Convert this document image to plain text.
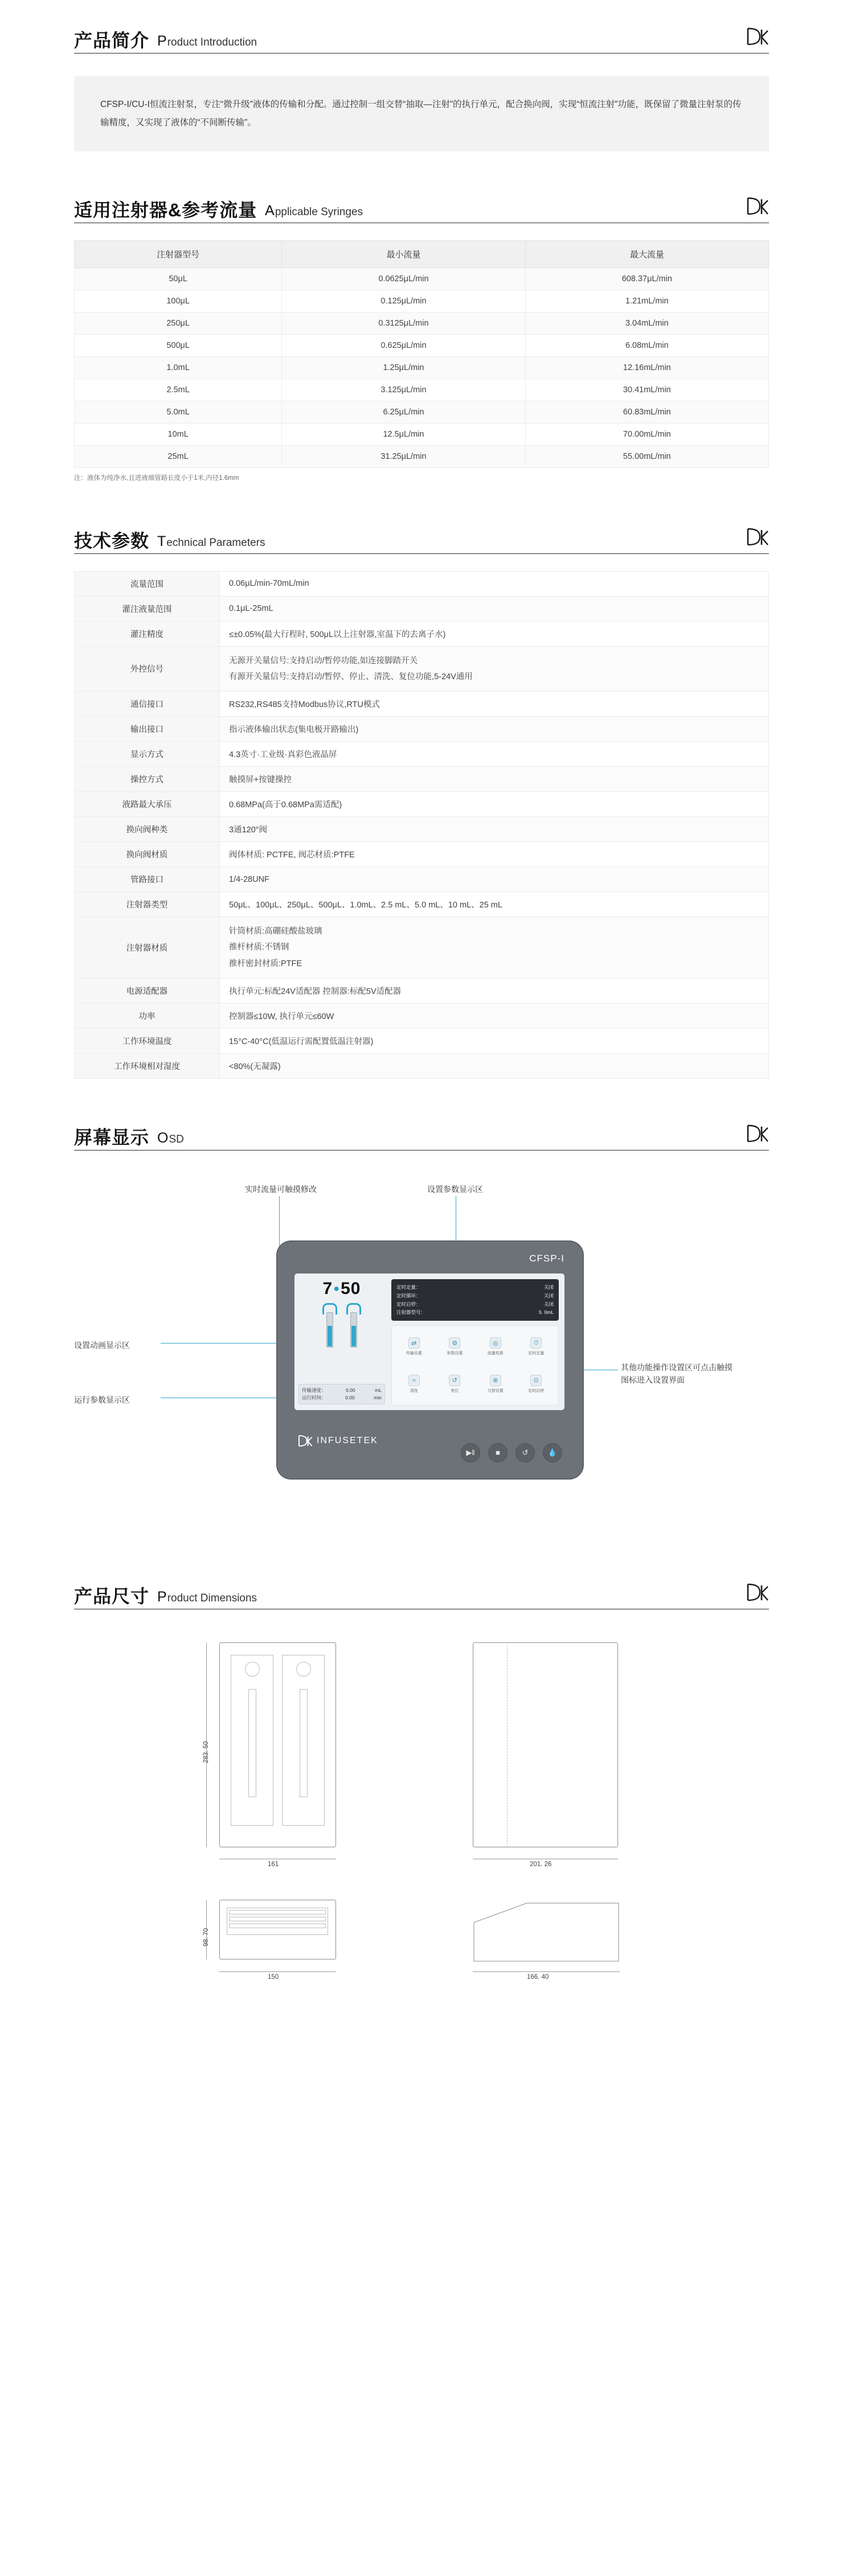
产品简介 P roduct Introduction
CFSP-I/CU-I恒流注射泵，专注“微升级”液体的传输和分配。通过控制一组交替“抽取—注射”的执行单元，配合换向阀，实现“恒流注射”功能，既保留了微量注射泵的传输精度，又实现了液体的“不间断传输”。
适用注射器&参考流量 A pplicable Syringes
注射器型号	最小流量	最大流量
50μL	0.0625μL/min	608.37μL/min
100μL	0.125μL/min	1.21mL/min
250μL	0.3125μL/min	3.04mL/min
500μL	0.625μL/min	6.08mL/min
1.0mL	1.25μL/min	12.16mL/min
2.5mL	3.125μL/min	30.41mL/min
5.0mL	6.25μL/min	60.83mL/min
10mL	12.5μL/min	70.00mL/min
25mL	31.25μL/min	55.00mL/min
注：液体为纯净水,且进液端管路长度小于1米,内径1.6mm
技术参数 T echnical Parameters
流量范围	0.06μL/min-70mL/min
灌注液量范围	0.1μL-25mL
灌注精度	≤±0.05%(最大行程时, 500μL以上注射器,室温下的去离子水)
外控信号	无源开关量信号:支持启动/暂停功能,如连接脚踏开关
有源开关量信号:支持启动/暂停、停止、清洗、复位功能,5-24V通用

通信接口	RS232,RS485支持Modbus协议,RTU模式
输出接口	指示液体输出状态(集电极开路输出)
显示方式	4.3英寸·工业级·真彩色液晶屏
操控方式	触摸屏+按键操控
液路最大承压	0.68MPa(高于0.68MPa需适配)
换向阀种类	3通120°阀
换向阀材质	阀体材质: PCTFE, 阀芯材质:PTFE
管路接口	1/4-28UNF
注射器类型	50μL、100μL、250μL、500μL、1.0mL、2.5 mL、5.0 mL、10 mL、25 mL
注射器材质	针筒材质:高硼硅酸盐玻璃
推杆材质:不锈钢
推杆密封材质:PTFE

电源适配器	执行单元:标配24V适配器 控制器:标配5V适配器
功率	控制器≤10W, 执行单元≤60W
工作环境温度	15°C-40°C(低温运行需配置低温注射器)
工作环境相对湿度	<80%(无凝露)
屏幕显示 O SD
实时流量可触摸修改	设置参数显示区
设置动画显示区
运行参数显示区
其他功能操作设置区可点击触摸图标进入设置界面
CFSP-I
7 ● 50
传输速度：	0.00	mL
运行时间：	0.00	min
定时定量：	关闭
定时循环：	关闭
定时启停：	关闭
注射器型号：	5. 0mL
⇄
传输设置
⚙
参数设置
◎
流量校准
⏱
定时定量
≈
清洗
↺
复位
⊕
交替设置
⊙
定时启停
INFUSETEK
▶‖	■	↺	💧
产品尺寸 P roduct Dimensions
283. 50
161	201. 26
98. 70
150	166. 40
